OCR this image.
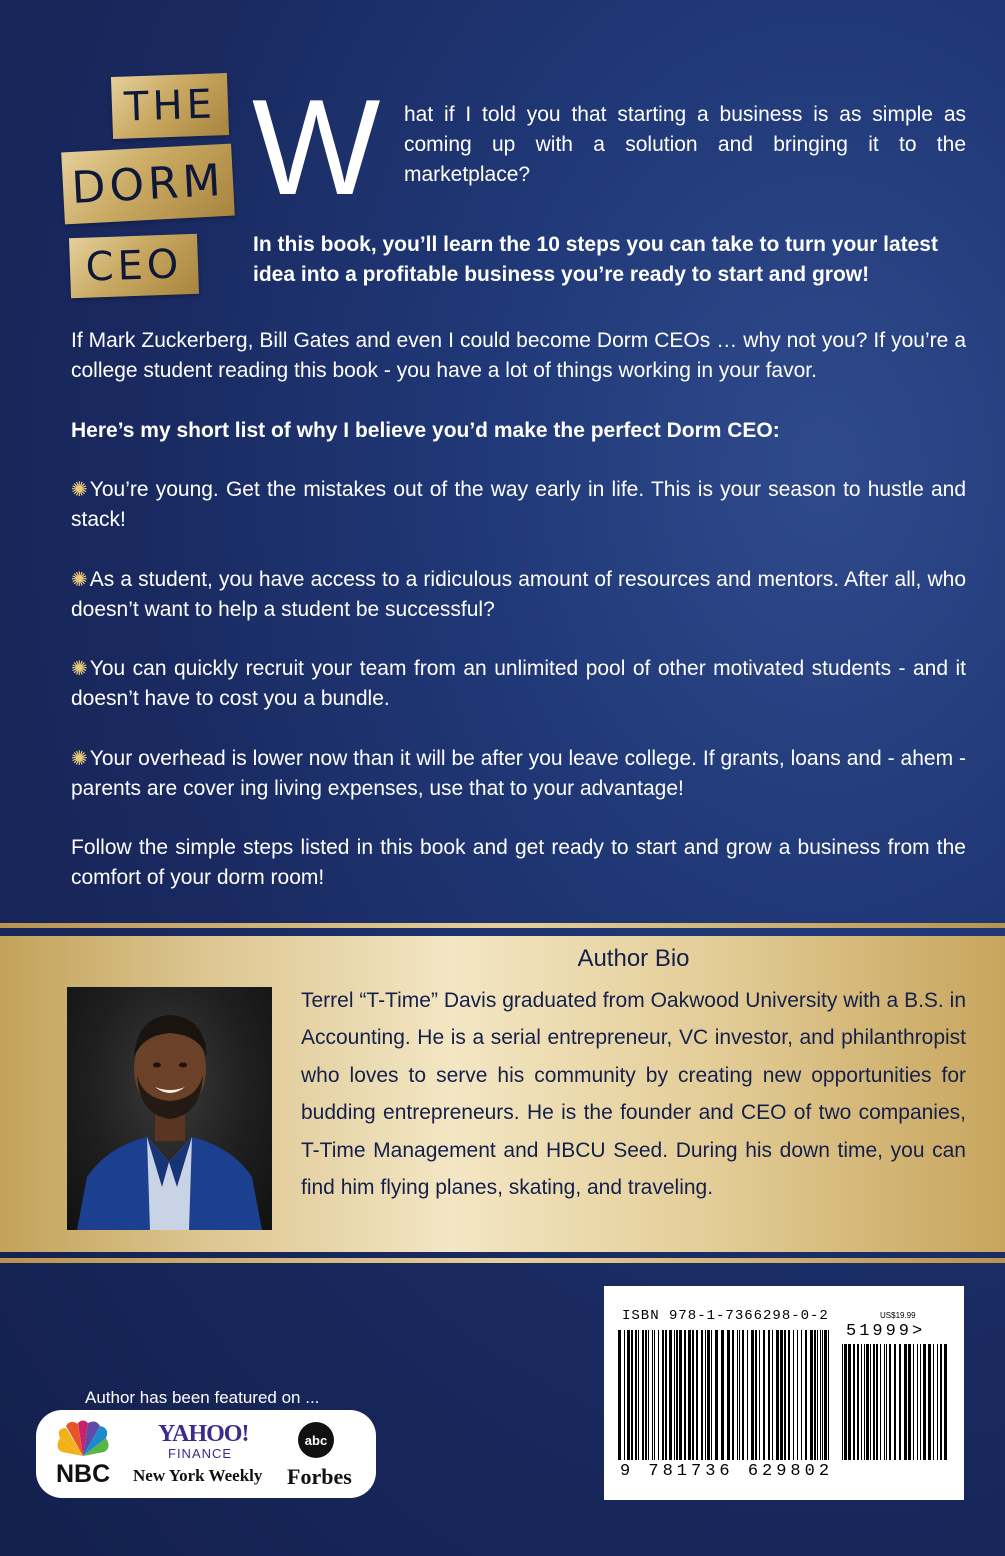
THE
DORM
CEO
W hat if I told you that starting a business is as simple as coming up with a solution and bringing it to the marketplace?

In this book, you’ll learn the 10 steps you can take to turn your latest idea into a profitable business you’re ready to start and grow!

If Mark Zuckerberg, Bill Gates and even I could become Dorm CEOs … why not you? If you’re a college student reading this book - you have a lot of things working in your favor.

Here’s my short list of why I believe you’d make the perfect Dorm CEO:

✺You’re young. Get the mistakes out of the way early in life. This is your season to hustle and stack!

✺As a student, you have access to a ridiculous amount of resources and mentors. After all, who doesn’t want to help a student be successful?

✺You can quickly recruit your team from an unlimited pool of other motivated students - and it doesn’t have to cost you a bundle.

✺Your overhead is lower now than it will be after you leave college. If grants, loans and - ahem - parents are cover ing living expenses, use that to your advantage!

Follow the simple steps listed in this book and get ready to start and grow a business from the comfort of your dorm room!

Author Bio

Terrel “T-Time” Davis graduated from Oakwood University with a B.S. in Accounting. He is a serial entrepreneur, VC investor, and philanthropist who loves to serve his community by creating new opportunities for budding entrepreneurs. He is the founder and CEO of two companies, T-Time Management and HBCU Seed. During his down time, you can find him flying planes, skating, and traveling.

Author has been featured on ...
NBC
YAHOO!
FINANCE
New York Weekly
abc
Forbes
ISBN 978-1-7366298-0-2	US$19.99
51999>
9 781736 629802
